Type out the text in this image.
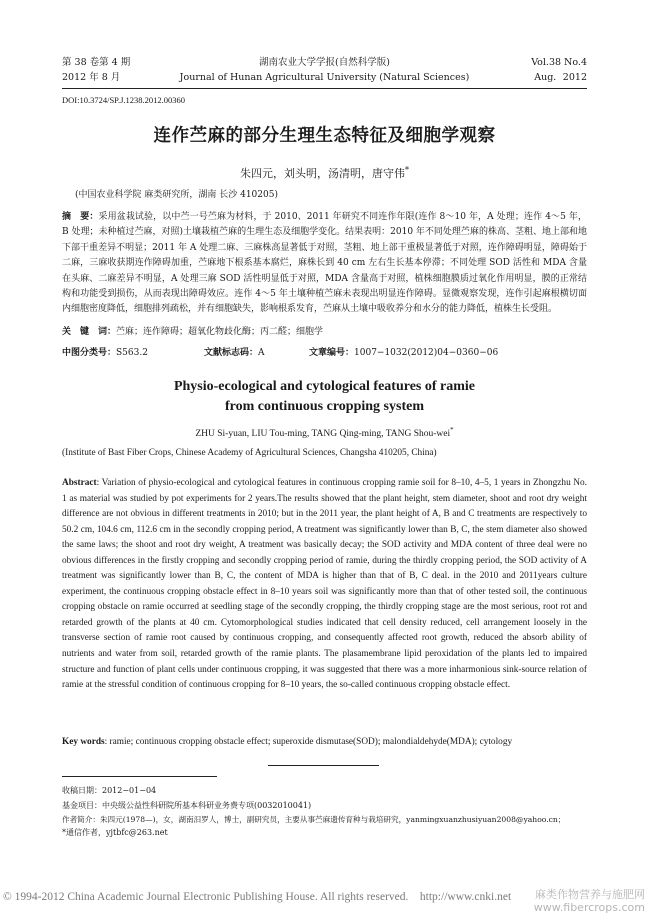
第 38 卷第 4 期	湖南农业大学学报(自然科学版)	Vol.38 No.4
2012 年 8 月	Journal of Hunan Agricultural University (Natural Sciences)	Aug．2012
DOI:10.3724/SP.J.1238.2012.00360
连作苎麻的部分生理生态特征及细胞学观察
朱四元，刘头明，汤清明，唐守伟*
(中国农业科学院 麻类研究所，湖南 长沙 410205)
摘　要：采用盆栽试验，以中苎一号苎麻为材料，于 2010、2011 年研究不同连作年限(连作 8～10 年，A 处理；连作 4～5 年，B 处理；未种植过苎麻，对照)土壤栽植苎麻的生理生态及细胞学变化。结果表明：2010 年不同处理苎麻的株高、茎粗、地上部和地下部干重差异不明显；2011 年 A 处理二麻、三麻株高显著低于对照，茎粗、地上部干重极显著低于对照，连作障碍明显，障碍始于二麻，三麻收获期连作障碍加重，苎麻地下根系基本腐烂，麻株长到 40 cm 左右生长基本停滞；不同处理 SOD 活性和 MDA 含量在头麻、二麻差异不明显，A 处理三麻 SOD 活性明显低于对照，MDA 含量高于对照，植株细胞膜质过氧化作用明显，膜的正常结构和功能受到损伤，从而表现出障碍效应。连作 4～5 年土壤种植苎麻未表现出明显连作障碍。显微观察发现，连作引起麻根横切面内细胞密度降低，细胞排列疏松，并有细胞缺失，影响根系发育，苎麻从土壤中吸收养分和水分的能力降低，植株生长受阻。
关　键　词：苎麻；连作障碍；超氧化物歧化酶；丙二醛；细胞学
中图分类号：S563.2	文献标志码：A	文章编号：1007−1032(2012)04−0360−06
Physio-ecological and cytological features of ramie
from continuous cropping system
ZHU Si-yuan, LIU Tou-ming, TANG Qing-ming, TANG Shou-wei*
(Institute of Bast Fiber Crops, Chinese Academy of Agricultural Sciences, Changsha 410205, China)
Abstract: Variation of physio-ecological and cytological features in continuous cropping ramie soil for 8–10, 4–5, 1 years in Zhongzhu No. 1 as material was studied by pot experiments for 2 years.The results showed that the plant height, stem diameter, shoot and root dry weight difference are not obvious in different treatments in 2010; but in the 2011 year, the plant height of A, B and C treatments are respectively to 50.2 cm, 104.6 cm, 112.6 cm in the secondly cropping period, A treatment was significantly lower than B, C, the stem diameter also showed the same laws; the shoot and root dry weight, A treatment was basically decay; the SOD activity and MDA content of three deal were no obvious differences in the firstly cropping and secondly cropping period of ramie, during the thirdly cropping period, the SOD activity of A treatment was significantly lower than B, C, the content of MDA is higher than that of B, C deal. in the 2010 and 2011years culture experiment, the continuous cropping obstacle effect in 8–10 years soil was significantly more than that of other tested soil, the continuous cropping obstacle on ramie occurred at seedling stage of the secondly cropping, the thirdly cropping stage are the most serious, root rot and retarded growth of the plants at 40 cm. Cytomorphological studies indicated that cell density reduced, cell arrangement loosely in the transverse section of ramie root caused by continuous cropping, and consequently affected root growth, reduced the absorb ability of nutrients and water from soil, retarded growth of the ramie plants. The plasamembrane lipid peroxidation of the plants led to impaired structure and function of plant cells under continuous cropping, it was suggested that there was a more inharmonious sink-source relation of ramie at the stressful condition of continuous cropping for 8–10 years, the so-called continuous cropping obstacle effect.
Key words: ramie; continuous cropping obstacle effect; superoxide dismutase(SOD); malondialdehyde(MDA); cytology
收稿日期：2012−01−04
基金项目：中央级公益性科研院所基本科研业务费专项(0032010041)
作者简介：朱四元(1978—)，女，湖南汨罗人，博士，副研究员，主要从事苎麻遗传育种与栽培研究，yanmingxuanzhusiyuan2008@yahoo.cn；
*通信作者，yjtbfc@263.net
© 1994-2012 China Academic Journal Electronic Publishing House. All rights reserved.　http://www.cnki.net	麻类作物营养与施肥网
www.fibercrops.com
